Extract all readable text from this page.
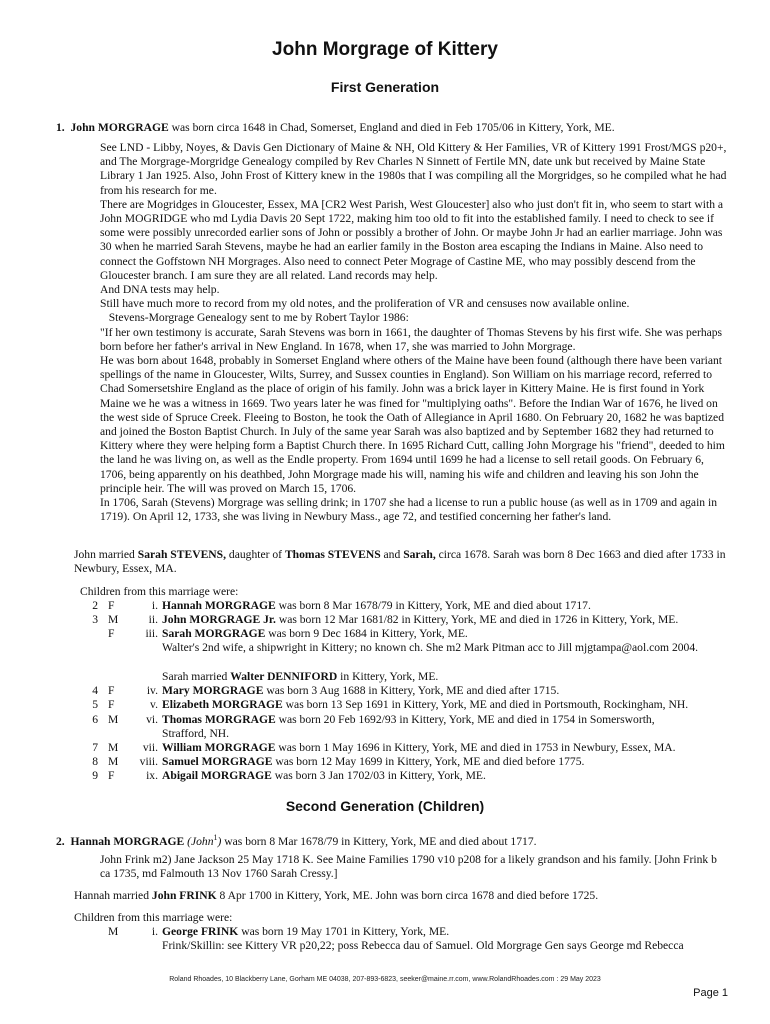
John Morgrage of Kittery
First Generation
1. John MORGRAGE was born circa 1648 in Chad, Somerset, England and died in Feb 1705/06 in Kittery, York, ME.

See LND - Libby, Noyes, & Davis Gen Dictionary of Maine & NH, Old Kittery & Her Families, VR of Kittery 1991 Frost/MGS p20+, and The Morgrage-Morgridge Genealogy compiled by Rev Charles N Sinnett of Fertile MN, date unk but received by Maine State Library 1 Jan 1925. Also, John Frost of Kittery knew in the 1980s that I was compiling all the Morgridges, so he compiled what he had from his research for me.

There are Mogridges in Gloucester, Essex, MA [CR2 West Parish, West Gloucester] also who just don't fit in, who seem to start with a John MOGRIDGE who md Lydia Davis 20 Sept 1722, making him too old to fit into the established family. I need to check to see if some were possibly unrecorded earlier sons of John or possibly a brother of John. Or maybe John Jr had an earlier marriage. John was 30 when he married Sarah Stevens, maybe he had an earlier family in the Boston area escaping the Indians in Maine. Also need to connect the Goffstown NH Morgrages. Also need to connect Peter Mograge of Castine ME, who may possibly descend from the Gloucester branch. I am sure they are all related. Land records may help.

And DNA tests may help.

Still have much more to record from my old notes, and the proliferation of VR and censuses now available online.

Stevens-Morgrage Genealogy sent to me by Robert Taylor 1986:

"If her own testimony is accurate, Sarah Stevens was born in 1661, the daughter of Thomas Stevens by his first wife. She was perhaps born before her father's arrival in New England. In 1678, when 17, she was married to John Morgrage.

He was born about 1648, probably in Somerset England where others of the Maine have been found (although there have been variant spellings of the name in Gloucester, Wilts, Surrey, and Sussex counties in England). Son William on his marriage record, referred to Chad Somersetshire England as the place of origin of his family. John was a brick layer in Kittery Maine. He is first found in York Maine we he was a witness in 1669. Two years later he was fined for "multiplying oaths". Before the Indian War of 1676, he lived on the west side of Spruce Creek. Fleeing to Boston, he took the Oath of Allegiance in April 1680. On February 20, 1682 he was baptized and joined the Boston Baptist Church. In July of the same year Sarah was also baptized and by September 1682 they had returned to Kittery where they were helping form a Baptist Church there. In 1695 Richard Cutt, calling John Morgrage his "friend", deeded to him the land he was living on, as well as the Endle property. From 1694 until 1699 he had a license to sell retail goods. On February 6, 1706, being apparently on his deathbed, John Morgrage made his will, naming his wife and children and leaving his son John the principle heir. The will was proved on March 15, 1706.

In 1706, Sarah (Stevens) Morgrage was selling drink; in 1707 she had a license to run a public house (as well as in 1709 and again in 1719). On April 12, 1733, she was living in Newbury Mass., age 72, and testified concerning her father's land.

John married Sarah STEVENS, daughter of Thomas STEVENS and Sarah, circa 1678. Sarah was born 8 Dec 1663 and died after 1733 in Newbury, Essex, MA.
Children from this marriage were:
2 F	i. Hannah MORGRAGE was born 8 Mar 1678/79 in Kittery, York, ME and died about 1717.
3 M	ii. John MORGRAGE Jr. was born 12 Mar 1681/82 in Kittery, York, ME and died in 1726 in Kittery, York, ME.
F	iii. Sarah MORGRAGE was born 9 Dec 1684 in Kittery, York, ME.
Walter's 2nd wife, a shipwright in Kittery; no known ch. She m2 Mark Pitman acc to Jill mjgtampa@aol.com 2004.
Sarah married Walter DENNIFORD in Kittery, York, ME.
4 F	iv. Mary MORGRAGE was born 3 Aug 1688 in Kittery, York, ME and died after 1715.
5 F	v. Elizabeth MORGRAGE was born 13 Sep 1691 in Kittery, York, ME and died in Portsmouth, Rockingham, NH.
6 M	vi. Thomas MORGRAGE was born 20 Feb 1692/93 in Kittery, York, ME and died in 1754 in Somersworth,
Strafford, NH.
7 M	vii. William MORGRAGE was born 1 May 1696 in Kittery, York, ME and died in 1753 in Newbury, Essex, MA.
8 M	viii. Samuel MORGRAGE was born 12 May 1699 in Kittery, York, ME and died before 1775.
9 F	ix. Abigail MORGRAGE was born 3 Jan 1702/03 in Kittery, York, ME.
Second Generation (Children)
2. Hannah MORGRAGE (John$^1$) was born 8 Mar 1678/79 in Kittery, York, ME and died about 1717.
John Frink m2) Jane Jackson 25 May 1718 K. See Maine Families 1790 v10 p208 for a likely grandson and his family. [John Frink b ca 1735, md Falmouth 13 Nov 1760 Sarah Cressy.]
Hannah married John FRINK 8 Apr 1700 in Kittery, York, ME. John was born circa 1678 and died before 1725.
Children from this marriage were:
M	i. George FRINK was born 19 May 1701 in Kittery, York, ME.
Frink/Skillin: see Kittery VR p20,22; poss Rebecca dau of Samuel. Old Morgrage Gen says George md Rebecca
Roland Rhoades, 10 Blackberry Lane, Gorham ME 04038, 207-893-6823, seeker@maine.rr.com, www.RolandRhoades.com : 29 May 2023
Page 1
